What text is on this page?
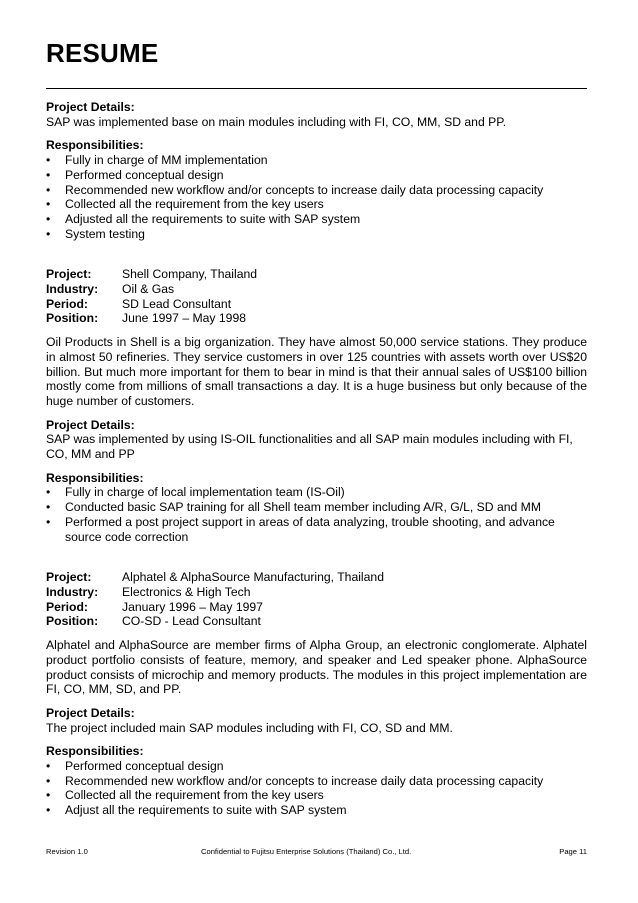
RESUME

Project Details:

SAP was implemented base on main modules including with FI, CO, MM, SD and PP.

Responsibilities:

• Fully in charge of MM implementation
• Performed conceptual design
• Recommended new workflow and/or concepts to increase daily data processing capacity
• Collected all the requirement from the key users
• Adjusted all the requirements to suite with SAP system
• System testing
Project:	Shell Company, Thailand
Industry:	Oil & Gas
Period:	SD Lead Consultant
Position:	June 1997 – May 1998

Oil Products in Shell is a big organization. They have almost 50,000 service stations. They produce in almost 50 refineries. They service customers in over 125 countries with assets worth over US$20 billion. But much more important for them to bear in mind is that their annual sales of US$100 billion mostly come from millions of small transactions a day. It is a huge business but only because of the huge number of customers.

Project Details:

SAP was implemented by using IS-OIL functionalities and all SAP main modules including with FI, CO, MM and PP

Responsibilities:

• Fully in charge of local implementation team (IS-Oil)
• Conducted basic SAP training for all Shell team member including A/R, G/L, SD and MM
• Performed a post project support in areas of data analyzing, trouble shooting, and advance source code correction
Project:	Alphatel & AlphaSource Manufacturing, Thailand
Industry:	Electronics & High Tech
Period:	January 1996 – May 1997
Position:	CO-SD - Lead Consultant

Alphatel and AlphaSource are member firms of Alpha Group, an electronic conglomerate. Alphatel product portfolio consists of feature, memory, and speaker and Led speaker phone. AlphaSource product consists of microchip and memory products. The modules in this project implementation are FI, CO, MM, SD, and PP.

Project Details:

The project included main SAP modules including with FI, CO, SD and MM.

Responsibilities:

• Performed conceptual design
• Recommended new workflow and/or concepts to increase daily data processing capacity
• Collected all the requirement from the key users
• Adjust all the requirements to suite with SAP system
Revision 1.0	Confidential to Fujitsu Enterprise Solutions (Thailand) Co., Ltd.	Page 11
